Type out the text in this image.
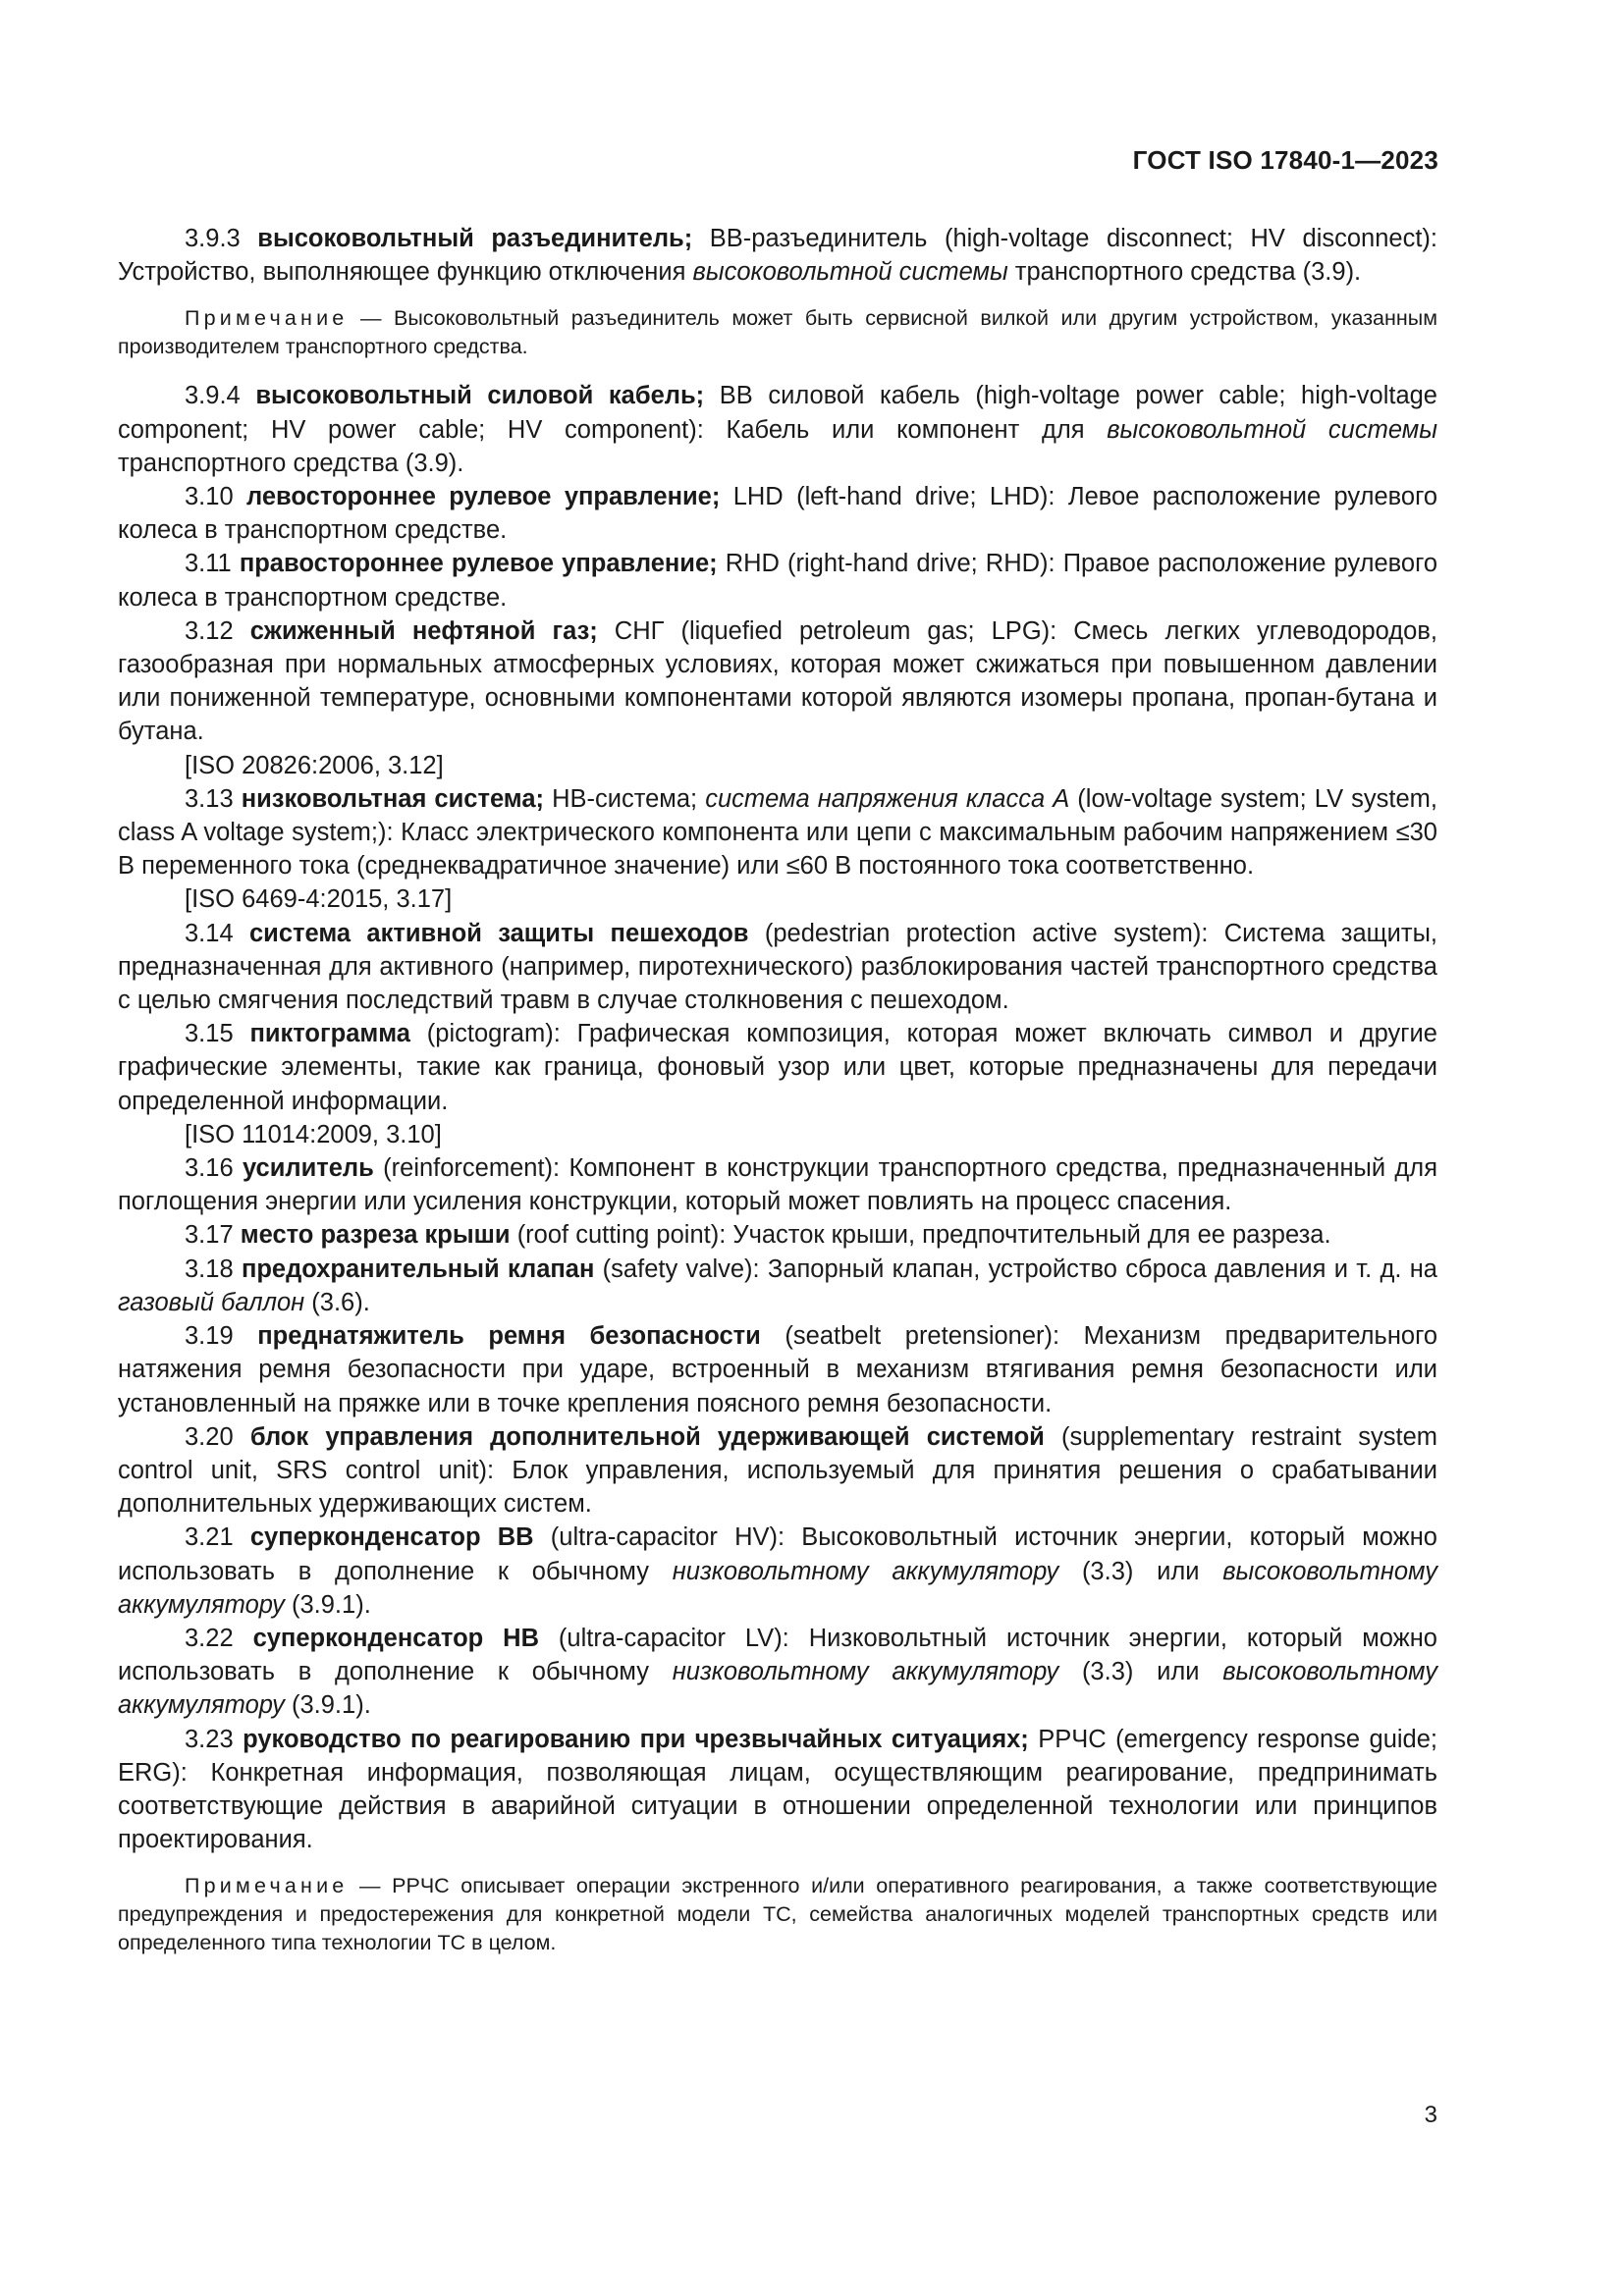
ГОСТ ISO 17840-1—2023

3.9.3 высоковольтный разъединитель; ВВ-разъединитель (high-voltage disconnect; HV disconnect): Устройство, выполняющее функцию отключения высоковольтной системы транспортного средства (3.9).

Примечание — Высоковольтный разъединитель может быть сервисной вилкой или другим устройством, указанным производителем транспортного средства.

3.9.4 высоковольтный силовой кабель; ВВ силовой кабель (high-voltage power cable; high-voltage component; HV power cable; HV component): Кабель или компонент для высоковольтной системы транспортного средства (3.9).

3.10 левостороннее рулевое управление; LHD (left-hand drive; LHD): Левое расположение рулевого колеса в транспортном средстве.

3.11 правостороннее рулевое управление; RHD (right-hand drive; RHD): Правое расположение рулевого колеса в транспортном средстве.

3.12 сжиженный нефтяной газ; СНГ (liquefied petroleum gas; LPG): Смесь легких углеводородов, газообразная при нормальных атмосферных условиях, которая может сжижаться при повышенном давлении или пониженной температуре, основными компонентами которой являются изомеры пропана, пропан-бутана и бутана.

[ISO 20826:2006, 3.12]

3.13 низковольтная система; НВ-система; система напряжения класса А (low-voltage system; LV system, class A voltage system;): Класс электрического компонента или цепи с максимальным рабочим напряжением ≤30 В переменного тока (среднеквадратичное значение) или ≤60 В постоянного тока соответственно.

[ISO 6469-4:2015, 3.17]

3.14 система активной защиты пешеходов (pedestrian protection active system): Система защиты, предназначенная для активного (например, пиротехнического) разблокирования частей транспортного средства с целью смягчения последствий травм в случае столкновения с пешеходом.

3.15 пиктограмма (pictogram): Графическая композиция, которая может включать символ и другие графические элементы, такие как граница, фоновый узор или цвет, которые предназначены для передачи определенной информации.

[ISO 11014:2009, 3.10]

3.16 усилитель (reinforcement): Компонент в конструкции транспортного средства, предназначенный для поглощения энергии или усиления конструкции, который может повлиять на процесс спасения.

3.17 место разреза крыши (roof cutting point): Участок крыши, предпочтительный для ее разреза.

3.18 предохранительный клапан (safety valve): Запорный клапан, устройство сброса давления и т. д. на газовый баллон (3.6).

3.19 преднатяжитель ремня безопасности (seatbelt pretensioner): Механизм предварительного натяжения ремня безопасности при ударе, встроенный в механизм втягивания ремня безопасности или установленный на пряжке или в точке крепления поясного ремня безопасности.

3.20 блок управления дополнительной удерживающей системой (supplementary restraint system control unit, SRS control unit): Блок управления, используемый для принятия решения о срабатывании дополнительных удерживающих систем.

3.21 суперконденсатор ВВ (ultra-capacitor HV): Высоковольтный источник энергии, который можно использовать в дополнение к обычному низковольтному аккумулятору (3.3) или высоковольтному аккумулятору (3.9.1).

3.22 суперконденсатор НВ (ultra-capacitor LV): Низковольтный источник энергии, который можно использовать в дополнение к обычному низковольтному аккумулятору (3.3) или высоковольтному аккумулятору (3.9.1).

3.23 руководство по реагированию при чрезвычайных ситуациях; РРЧС (emergency response guide; ERG): Конкретная информация, позволяющая лицам, осуществляющим реагирование, предпринимать соответствующие действия в аварийной ситуации в отношении определенной технологии или принципов проектирования.

Примечание — РРЧС описывает операции экстренного и/или оперативного реагирования, а также соответствующие предупреждения и предостережения для конкретной модели ТС, семейства аналогичных моделей транспортных средств или определенного типа технологии ТС в целом.

3
